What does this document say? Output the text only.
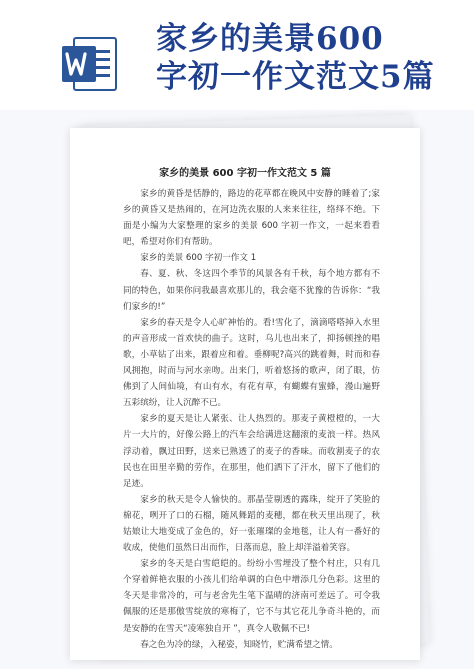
家乡的美景600
字初一作文范文5篇
家乡的美景 600 字初一作文范文 5 篇

家乡的黄昏是恬静的，路边的花草都在晚风中安静的睡着了;家乡的黄昏又是热闹的，在河边洗衣服的人来来往往，络绎不绝。下面是小编为大家整理的家乡的美景 600 字初一作文，一起来看看吧，希望对你们有帮助。

家乡的美景 600 字初一作文 1

春、夏、秋、冬这四个季节的风景各有千秋，每个地方都有不同的特色，如果你问我最喜欢那儿的，我会毫不犹豫的告诉你：“我们家乡的!”

家乡的春天是令人心旷神怡的。看!雪化了，滴滴嗒嗒掉入水里的声音形成一首欢快的曲子。这时，乌儿也出来了，抑扬顿挫的唱歌，小草钻了出来，跟着应和着。垂柳呢?高兴的跳着舞，时而和春风拥抱，时而与河水亲吻。出来门，听着悠扬的歌声，闭了眼，仿佛到了人间仙境，有山有水，有花有草，有蝴蝶有蜜蜂，漫山遍野五彩缤纷，让人沉醉不已。

家乡的夏天是让人紧张、让人热烈的。那麦子黄橙橙的，一大片一大片的，好像公路上的汽车会给满进这翻滚的麦浪一样。热风浮动着，飘过田野，送来已熟透了的麦子的香味。而收割麦子的农民也在田里辛勤的劳作，在那里，他们洒下了汗水，留下了他们的足迹。

家乡的秋天是令人愉快的。那晶莹剔透的露珠，绽开了笑脸的棉花，咧开了口的石榴，随风舞蹈的麦穗，都在秋天里出现了，秋姑娘让大地变成了金色的，好一张璀璨的金地毯，让人有一番好的收成，使他们虽然日出而作，日落而息，脸上却洋溢着笑容。

家乡的冬天是白雪皑皑的。纷纷小雪埋没了整个村庄，只有几个穿着鲜艳衣服的小孩儿们给单调的白色中增添几分色彩。这里的冬天是非常冷的，可与老舍先生笔下温晴的济南可差远了。可令我佩服的还是那傲雪绽放的寒梅了，它不与其它花儿争奇斗艳的，而是安静的在雪天“凌寒独自开 ”，真令人敬佩不已!

春之色为冷的绿，入秘姿，知晓竹，贮满希望之情。
